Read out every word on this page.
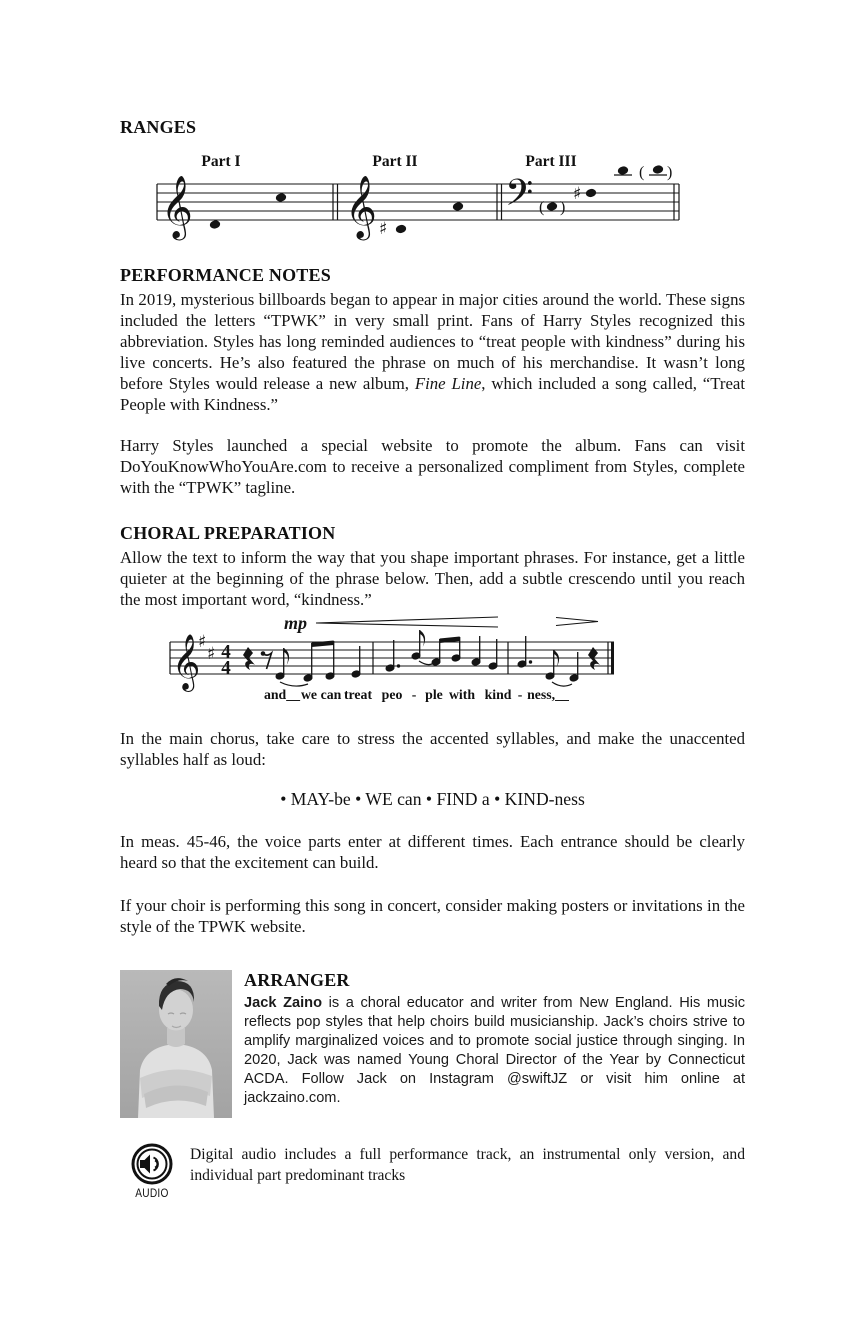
RANGES
Part I	Part II	Part III
𝄞	𝄞 ♯
𝄢 ( )
♯
( )
PERFORMANCE NOTES

In 2019, mysterious billboards began to appear in major cities around the world. These signs included the letters “TPWK” in very small print. Fans of Harry Styles recognized this abbreviation. Styles has long reminded audiences to “treat people with kindness” during his live concerts. He’s also featured the phrase on much of his merchandise. It wasn’t long before Styles would release a new album, Fine Line, which included a song called, “Treat People with Kindness.”

Harry Styles launched a special website to promote the album. Fans can visit DoYouKnowWhoYouAre.com to receive a personalized compliment from Styles, complete with the “TPWK” tagline.

CHORAL PREPARATION

Allow the text to inform the way that you shape important phrases. For instance, get a little quieter at the beginning of the phrase below. Then, add a subtle crescendo until you reach the most important word, “kindness.”

mp
𝄞
♯
♯ 4
4
and__ we can treat peo - ple with kind - ness,__

In the main chorus, take care to stress the accented syllables, and make the unaccented syllables half as loud:

• MAY-be • WE can • FIND a • KIND-ness

In meas. 45-46, the voice parts enter at different times. Each entrance should be clearly heard so that the excitement can build.

If your choir is performing this song in concert, consider making posters or invitations in the style of the TPWK website.

ARRANGER

Jack Zaino is a choral educator and writer from New England. His music reflects pop styles that help choirs build musicianship. Jack’s choirs strive to amplify marginalized voices and to promote social justice through singing. In 2020, Jack was named Young Choral Director of the Year by Connecticut ACDA. Follow Jack on Instagram @swiftJZ or visit him online at jackzaino.com.

AUDIO

Digital audio includes a full performance track, an instrumental only version, and individual part predominant tracks
